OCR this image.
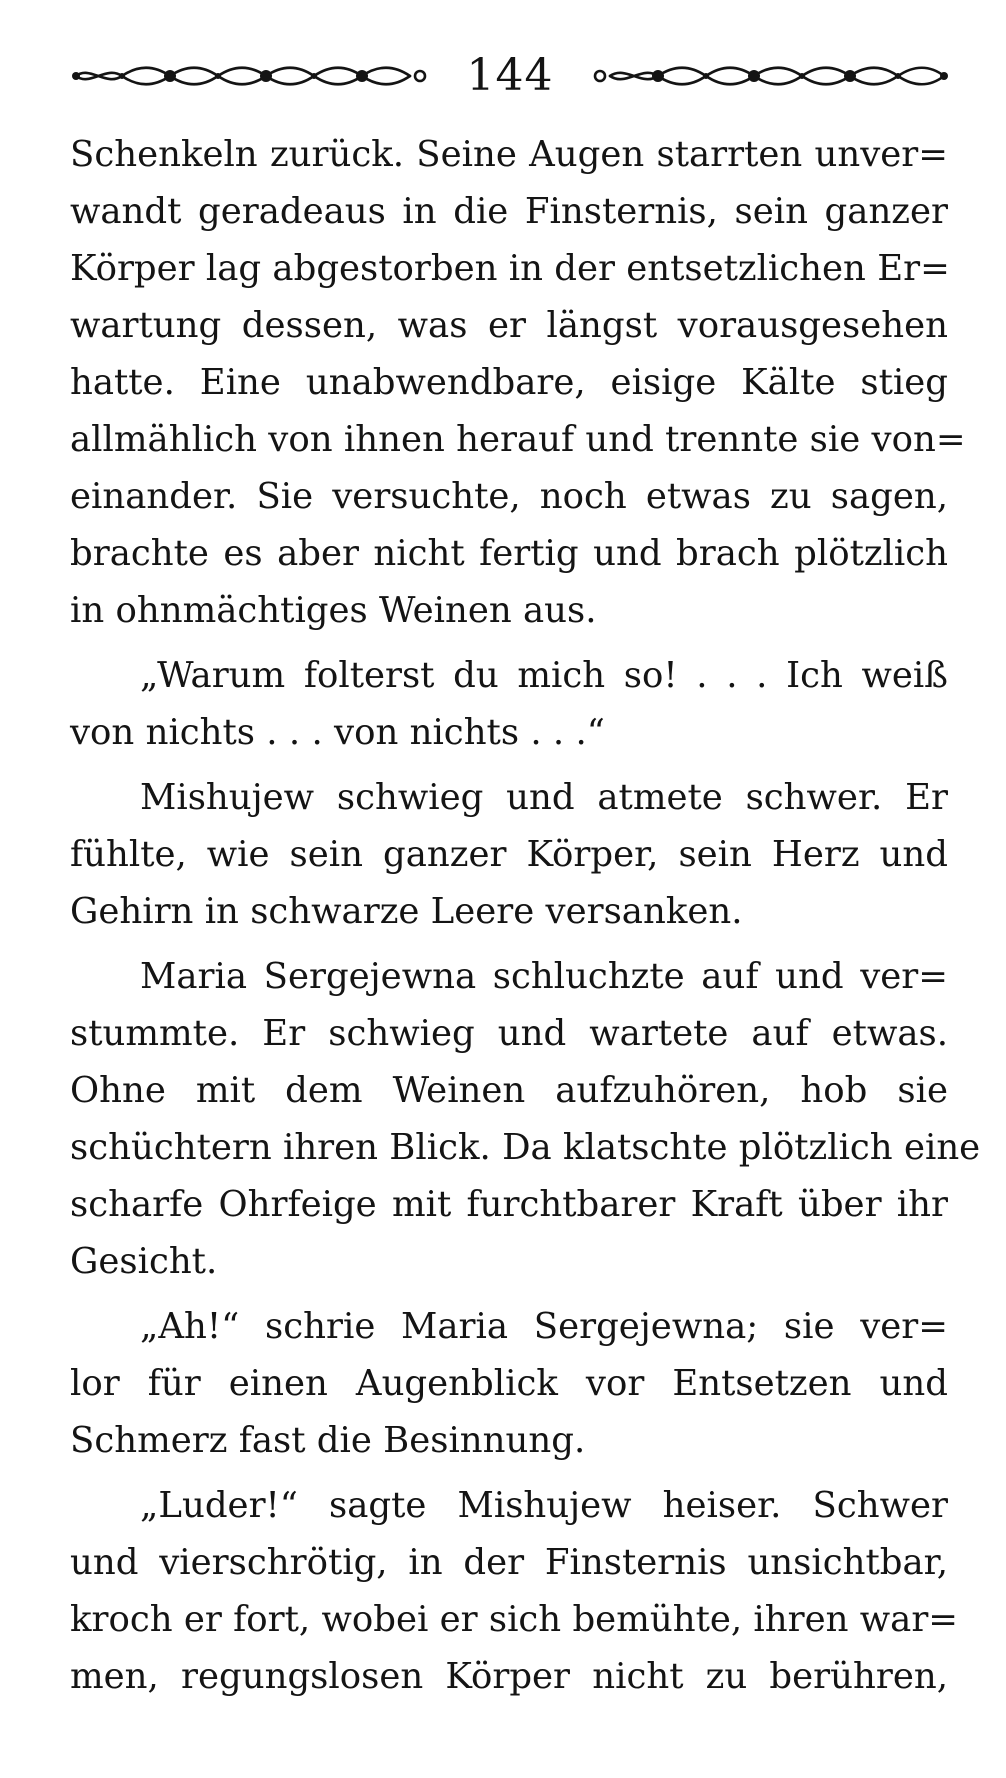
144
Schenkeln zurück. Seine Augen starrten unver=
wandt geradeaus in die Finsternis, sein ganzer
Körper lag abgestorben in der entsetzlichen Er=
wartung dessen, was er längst vorausgesehen
hatte. Eine unabwendbare, eisige Kälte stieg
allmählich von ihnen herauf und trennte sie von=
einander. Sie versuchte, noch etwas zu sagen,
brachte es aber nicht fertig und brach plötzlich
in ohnmächtiges Weinen aus.
„Warum folterst du mich so! . . . Ich weiß
von nichts . . . von nichts . . .“
Mishujew schwieg und atmete schwer. Er
fühlte, wie sein ganzer Körper, sein Herz und
Gehirn in schwarze Leere versanken.
Maria Sergejewna schluchzte auf und ver=
stummte. Er schwieg und wartete auf etwas.
Ohne mit dem Weinen aufzuhören, hob sie
schüchtern ihren Blick. Da klatschte plötzlich eine
scharfe Ohrfeige mit furchtbarer Kraft über ihr
Gesicht.
„Ah!“ schrie Maria Sergejewna; sie ver=
lor für einen Augenblick vor Entsetzen und
Schmerz fast die Besinnung.
„Luder!“ sagte Mishujew heiser. Schwer
und vierschrötig, in der Finsternis unsichtbar,
kroch er fort, wobei er sich bemühte, ihren war=
men, regungslosen Körper nicht zu berühren,
